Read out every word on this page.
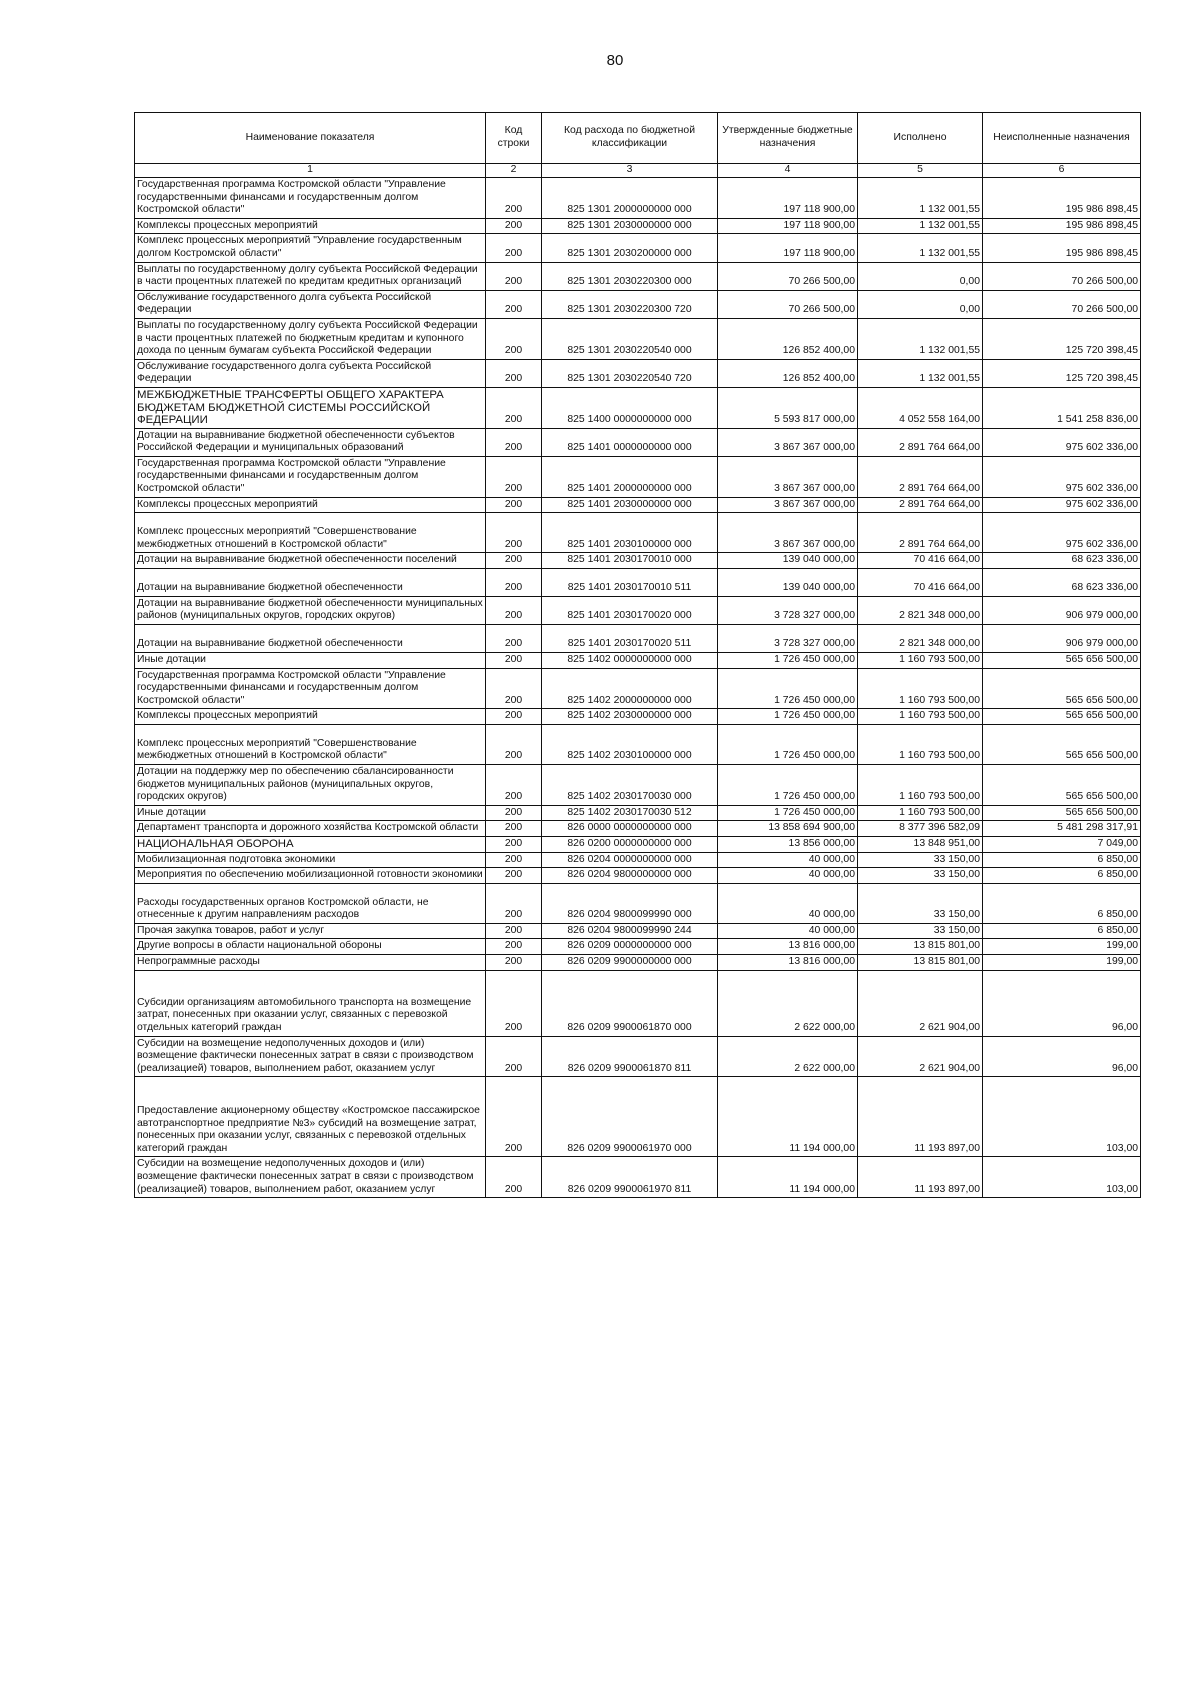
80
Наименование показателя	Код строки	Код расхода по бюджетной классификации	Утвержденные бюджетные назначения	Исполнено	Неисполненные назначения
1	2	3	4	5	6
Государственная программа Костромской области "Управление государственными финансами и государственным долгом Костромской области"	200	825 1301 2000000000 000	197 118 900,00	1 132 001,55	195 986 898,45
Комплексы процессных мероприятий	200	825 1301 2030000000 000	197 118 900,00	1 132 001,55	195 986 898,45
Комплекс процессных мероприятий "Управление государственным долгом Костромской области"	200	825 1301 2030200000 000	197 118 900,00	1 132 001,55	195 986 898,45
Выплаты по государственному долгу субъекта Российской Федерации в части процентных платежей по кредитам кредитных организаций	200	825 1301 2030220300 000	70 266 500,00	0,00	70 266 500,00
Обслуживание государственного долга субъекта Российской Федерации	200	825 1301 2030220300 720	70 266 500,00	0,00	70 266 500,00
Выплаты по государственному долгу субъекта Российской Федерации в части процентных платежей по бюджетным кредитам и купонного дохода по ценным бумагам субъекта Российской Федерации	200	825 1301 2030220540 000	126 852 400,00	1 132 001,55	125 720 398,45
Обслуживание государственного долга субъекта Российской Федерации	200	825 1301 2030220540 720	126 852 400,00	1 132 001,55	125 720 398,45
МЕЖБЮДЖЕТНЫЕ ТРАНСФЕРТЫ ОБЩЕГО ХАРАКТЕРА БЮДЖЕТАМ БЮДЖЕТНОЙ СИСТЕМЫ РОССИЙСКОЙ ФЕДЕРАЦИИ	200	825 1400 0000000000 000	5 593 817 000,00	4 052 558 164,00	1 541 258 836,00
Дотации на выравнивание бюджетной обеспеченности субъектов Российской Федерации и муниципальных образований	200	825 1401 0000000000 000	3 867 367 000,00	2 891 764 664,00	975 602 336,00
Государственная программа Костромской области "Управление государственными финансами и государственным долгом Костромской области"	200	825 1401 2000000000 000	3 867 367 000,00	2 891 764 664,00	975 602 336,00
Комплексы процессных мероприятий	200	825 1401 2030000000 000	3 867 367 000,00	2 891 764 664,00	975 602 336,00
Комплекс процессных мероприятий "Совершенствование межбюджетных отношений в Костромской области"	200	825 1401 2030100000 000	3 867 367 000,00	2 891 764 664,00	975 602 336,00
Дотации на выравнивание бюджетной обеспеченности поселений	200	825 1401 2030170010 000	139 040 000,00	70 416 664,00	68 623 336,00
Дотации на выравнивание бюджетной обеспеченности	200	825 1401 2030170010 511	139 040 000,00	70 416 664,00	68 623 336,00
Дотации на выравнивание бюджетной обеспеченности муниципальных районов (муниципальных округов, городских округов)	200	825 1401 2030170020 000	3 728 327 000,00	2 821 348 000,00	906 979 000,00
Дотации на выравнивание бюджетной обеспеченности	200	825 1401 2030170020 511	3 728 327 000,00	2 821 348 000,00	906 979 000,00
Иные дотации	200	825 1402 0000000000 000	1 726 450 000,00	1 160 793 500,00	565 656 500,00
Государственная программа Костромской области "Управление государственными финансами и государственным долгом Костромской области"	200	825 1402 2000000000 000	1 726 450 000,00	1 160 793 500,00	565 656 500,00
Комплексы процессных мероприятий	200	825 1402 2030000000 000	1 726 450 000,00	1 160 793 500,00	565 656 500,00
Комплекс процессных мероприятий "Совершенствование межбюджетных отношений в Костромской области"	200	825 1402 2030100000 000	1 726 450 000,00	1 160 793 500,00	565 656 500,00
Дотации на поддержку мер по обеспечению сбалансированности бюджетов муниципальных районов (муниципальных округов, городских округов)	200	825 1402 2030170030 000	1 726 450 000,00	1 160 793 500,00	565 656 500,00
Иные дотации	200	825 1402 2030170030 512	1 726 450 000,00	1 160 793 500,00	565 656 500,00
Департамент транспорта и дорожного хозяйства Костромской области	200	826 0000 0000000000 000	13 858 694 900,00	8 377 396 582,09	5 481 298 317,91
НАЦИОНАЛЬНАЯ ОБОРОНА	200	826 0200 0000000000 000	13 856 000,00	13 848 951,00	7 049,00
Мобилизационная подготовка экономики	200	826 0204 0000000000 000	40 000,00	33 150,00	6 850,00
Мероприятия по обеспечению мобилизационной готовности экономики	200	826 0204 9800000000 000	40 000,00	33 150,00	6 850,00
Расходы государственных органов Костромской области, не отнесенные к другим направлениям расходов	200	826 0204 9800099990 000	40 000,00	33 150,00	6 850,00
Прочая закупка товаров, работ и услуг	200	826 0204 9800099990 244	40 000,00	33 150,00	6 850,00
Другие вопросы в области национальной обороны	200	826 0209 0000000000 000	13 816 000,00	13 815 801,00	199,00
Непрограммные расходы	200	826 0209 9900000000 000	13 816 000,00	13 815 801,00	199,00
Субсидии организациям автомобильного транспорта на возмещение затрат, понесенных при оказании услуг, связанных с перевозкой отдельных категорий граждан	200	826 0209 9900061870 000	2 622 000,00	2 621 904,00	96,00
Субсидии на возмещение недополученных доходов и (или) возмещение фактически понесенных затрат в связи с производством (реализацией) товаров, выполнением работ, оказанием услуг	200	826 0209 9900061870 811	2 622 000,00	2 621 904,00	96,00
Предоставление акционерному обществу «Костромское пассажирское автотранспортное предприятие №3» субсидий на возмещение затрат, понесенных при оказании услуг, связанных с перевозкой отдельных категорий граждан	200	826 0209 9900061970 000	11 194 000,00	11 193 897,00	103,00
Субсидии на возмещение недополученных доходов и (или) возмещение фактически понесенных затрат в связи с производством (реализацией) товаров, выполнением работ, оказанием услуг	200	826 0209 9900061970 811	11 194 000,00	11 193 897,00	103,00
